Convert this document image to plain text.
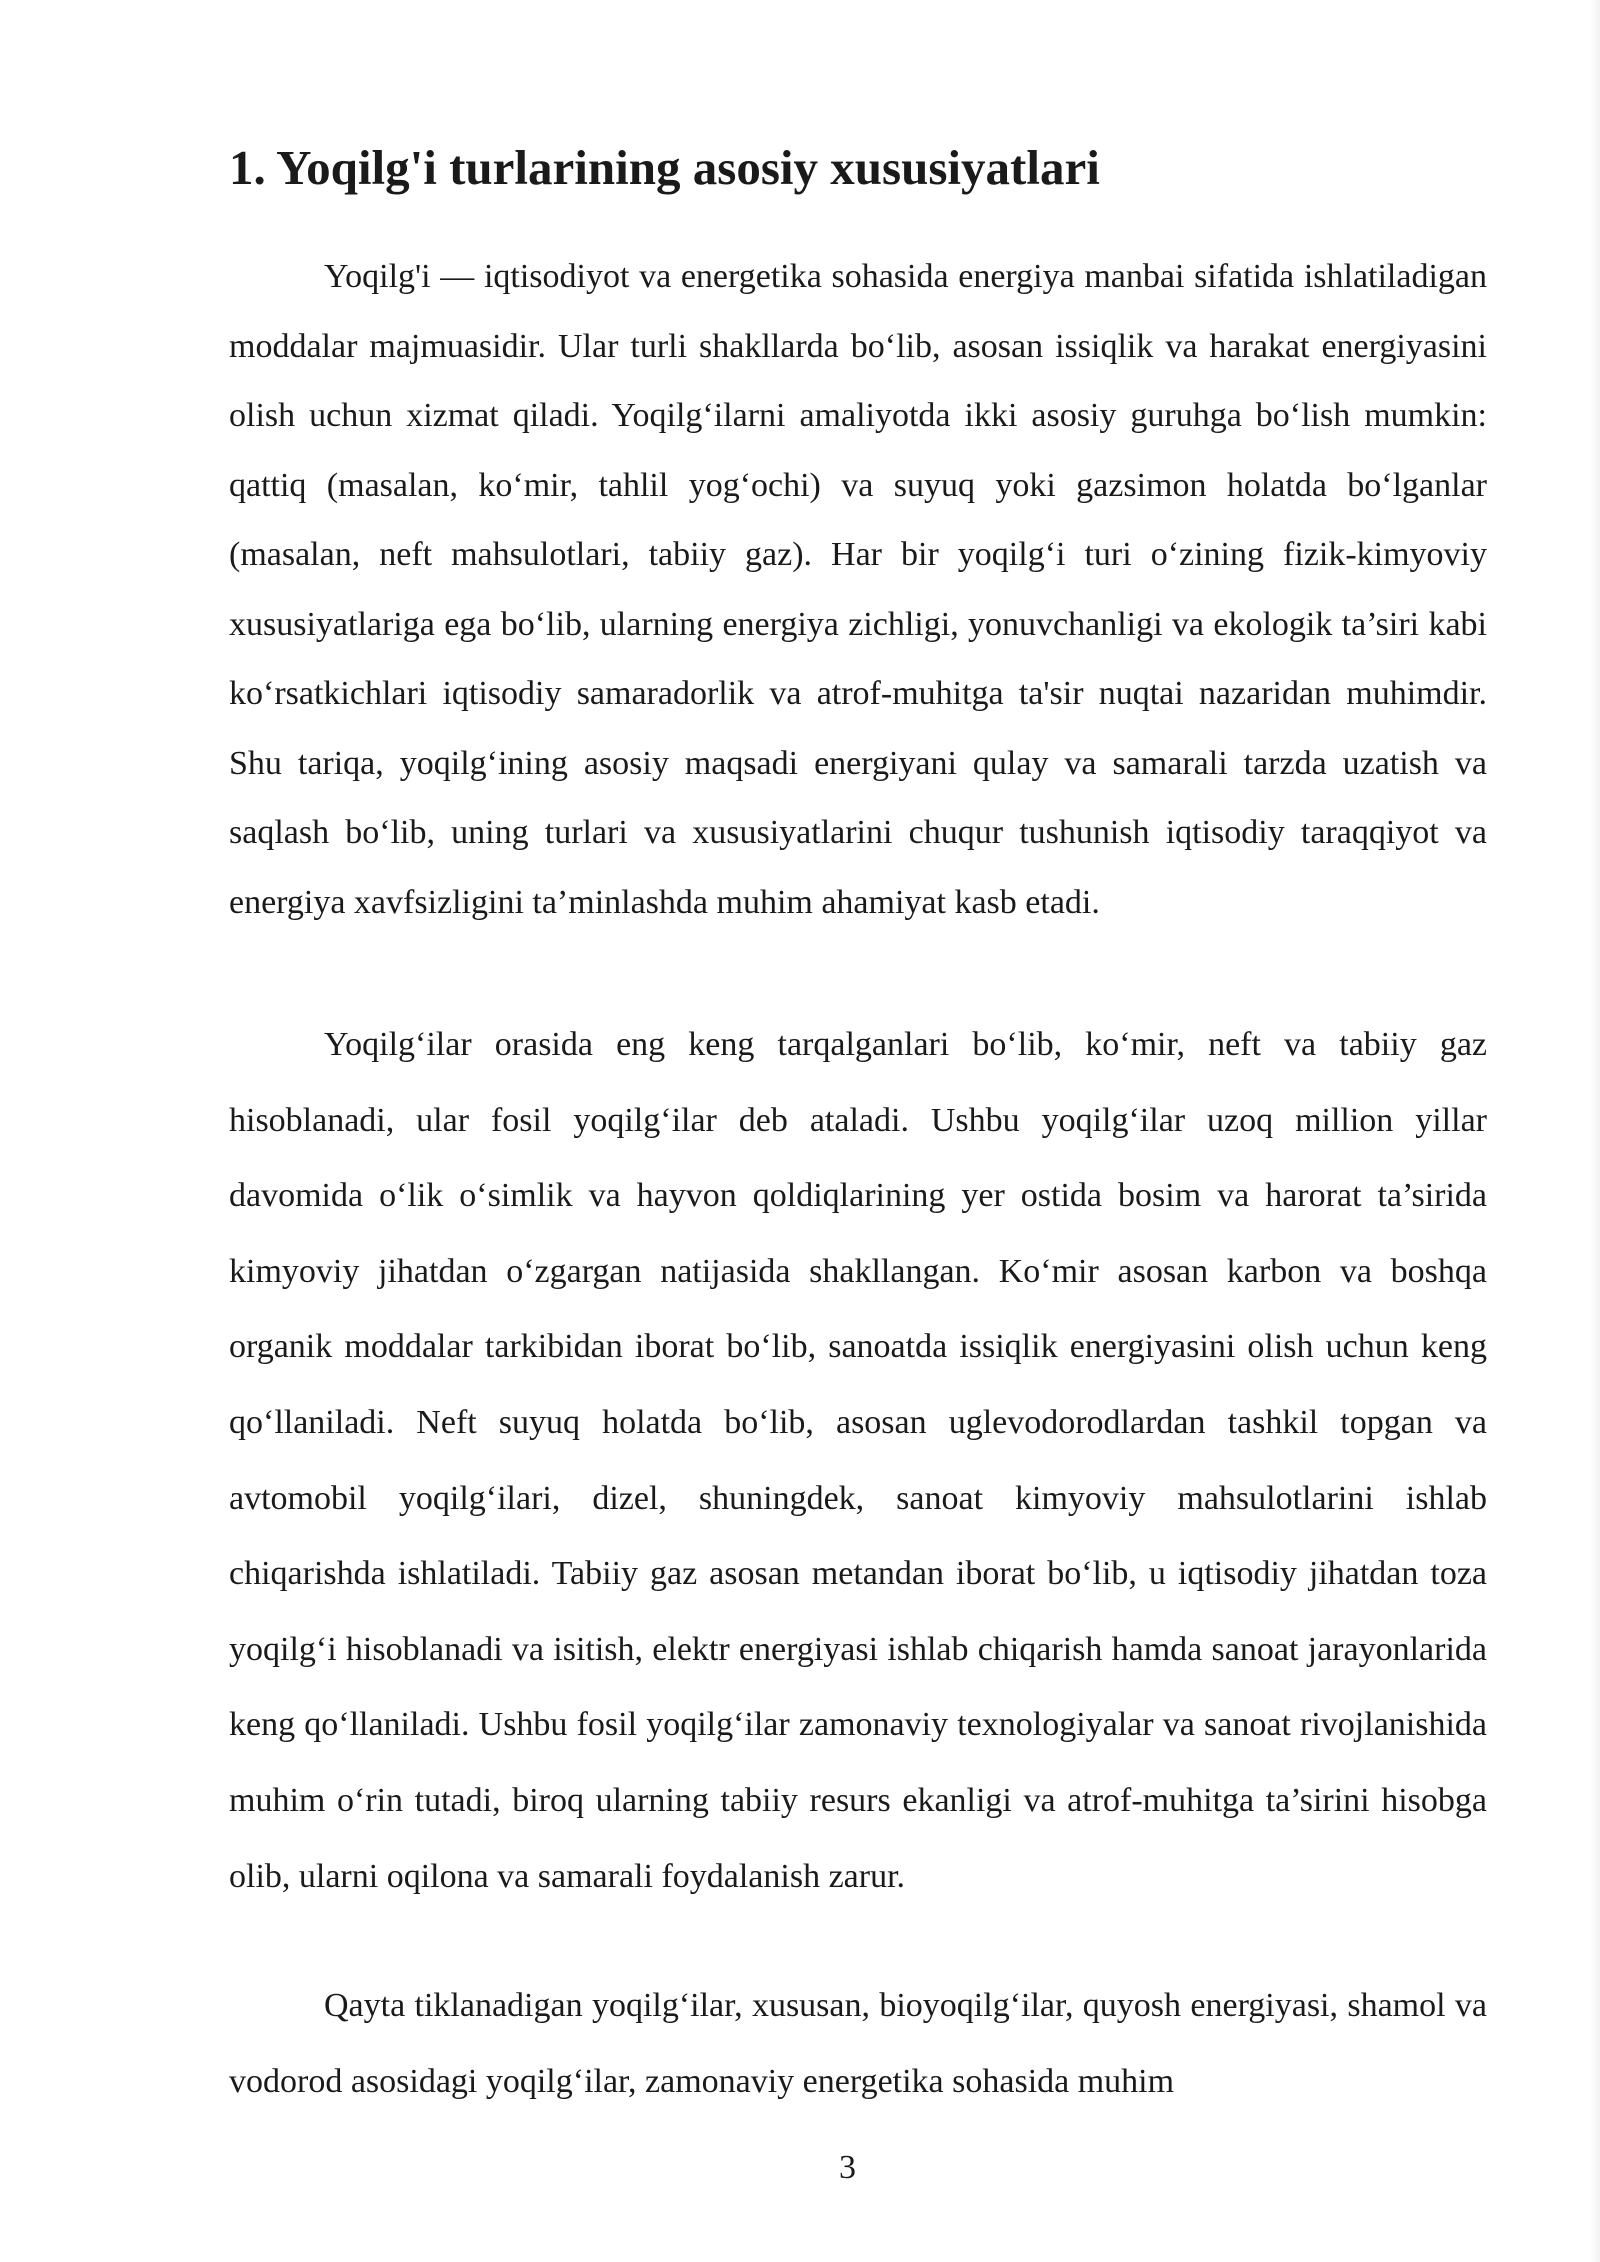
1. Yoqilg'i turlarining asosiy xususiyatlari

Yoqilg'i — iqtisodiyot va energetika sohasida energiya manbai sifatida ishlatiladigan moddalar majmuasidir. Ular turli shakllarda bo‘lib, asosan issiqlik va harakat energiyasini olish uchun xizmat qiladi. Yoqilg‘ilarni amaliyotda ikki asosiy guruhga bo‘lish mumkin: qattiq (masalan, ko‘mir, tahlil yog‘ochi) va suyuq yoki gazsimon holatda bo‘lganlar (masalan, neft mahsulotlari, tabiiy gaz). Har bir yoqilg‘i turi o‘zining fizik-kimyoviy xususiyatlariga ega bo‘lib, ularning energiya zichligi, yonuvchanligi va ekologik ta’siri kabi ko‘rsatkichlari iqtisodiy samaradorlik va atrof-muhitga ta'sir nuqtai nazaridan muhimdir. Shu tariqa, yoqilg‘ining asosiy maqsadi energiyani qulay va samarali tarzda uzatish va saqlash bo‘lib, uning turlari va xususiyatlarini chuqur tushunish iqtisodiy taraqqiyot va energiya xavfsizligini ta’minlashda muhim ahamiyat kasb etadi.

Yoqilg‘ilar orasida eng keng tarqalganlari bo‘lib, ko‘mir, neft va tabiiy gaz hisoblanadi, ular fosil yoqilg‘ilar deb ataladi. Ushbu yoqilg‘ilar uzoq million yillar davomida o‘lik o‘simlik va hayvon qoldiqlarining yer ostida bosim va harorat ta’sirida kimyoviy jihatdan o‘zgargan natijasida shakllangan. Ko‘mir asosan karbon va boshqa organik moddalar tarkibidan iborat bo‘lib, sanoatda issiqlik energiyasini olish uchun keng qo‘llaniladi. Neft suyuq holatda bo‘lib, asosan uglevodorodlardan tashkil topgan va avtomobil yoqilg‘ilari, dizel, shuningdek, sanoat kimyoviy mahsulotlarini ishlab chiqarishda ishlatiladi. Tabiiy gaz asosan metandan iborat bo‘lib, u iqtisodiy jihatdan toza yoqilg‘i hisoblanadi va isitish, elektr energiyasi ishlab chiqarish hamda sanoat jarayonlarida keng qo‘llaniladi. Ushbu fosil yoqilg‘ilar zamonaviy texnologiyalar va sanoat rivojlanishida muhim o‘rin tutadi, biroq ularning tabiiy resurs ekanligi va atrof-muhitga ta’sirini hisobga olib, ularni oqilona va samarali foydalanish zarur.

Qayta tiklanadigan yoqilg‘ilar, xususan, bioyoqilg‘ilar, quyosh energiyasi, shamol va vodorod asosidagi yoqilg‘ilar, zamonaviy energetika sohasida muhim

3
